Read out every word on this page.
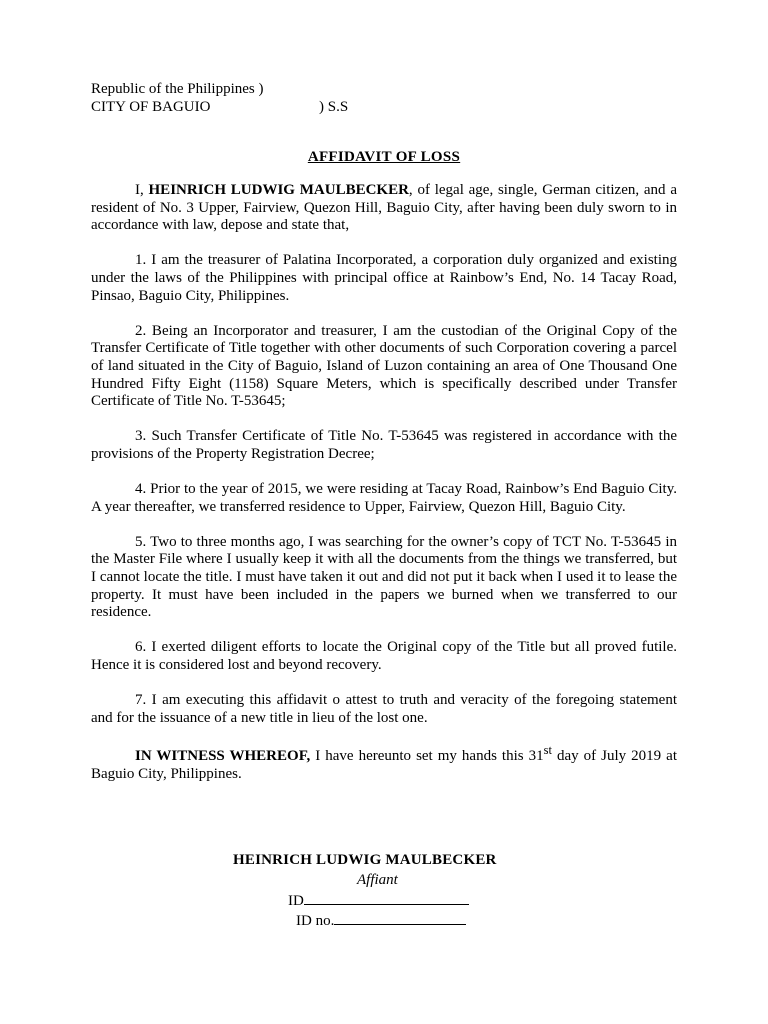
Republic of the Philippines )
CITY OF BAGUIO	) S.S
AFFIDAVIT OF LOSS

I, HEINRICH LUDWIG MAULBECKER, of legal age, single, German citizen, and a resident of No. 3 Upper, Fairview, Quezon Hill, Baguio City, after having been duly sworn to in accordance with law, depose and state that,

1. I am the treasurer of Palatina Incorporated, a corporation duly organized and existing under the laws of the Philippines with principal office at Rainbow’s End, No. 14 Tacay Road, Pinsao, Baguio City, Philippines.

2. Being an Incorporator and treasurer, I am the custodian of the Original Copy of the Transfer Certificate of Title together with other documents of such Corporation covering a parcel of land situated in the City of Baguio, Island of Luzon containing an area of One Thousand One Hundred Fifty Eight (1158) Square Meters, which is specifically described under Transfer Certificate of Title No. T-53645;

3. Such Transfer Certificate of Title No. T-53645 was registered in accordance with the provisions of the Property Registration Decree;

4. Prior to the year of 2015, we were residing at Tacay Road, Rainbow’s End Baguio City. A year thereafter, we transferred residence to Upper, Fairview, Quezon Hill, Baguio City.

5. Two to three months ago, I was searching for the owner’s copy of TCT No. T-53645 in the Master File where I usually keep it with all the documents from the things we transferred, but I cannot locate the title. I must have taken it out and did not put it back when I used it to lease the property. It must have been included in the papers we burned when we transferred to our residence.

6. I exerted diligent efforts to locate the Original copy of the Title but all proved futile. Hence it is considered lost and beyond recovery.

7. I am executing this affidavit o attest to truth and veracity of the foregoing statement and for the issuance of a new title in lieu of the lost one.

IN WITNESS WHEREOF, I have hereunto set my hands this 31st day of July 2019 at Baguio City, Philippines.

HEINRICH LUDWIG MAULBECKER
Affiant
ID
ID no.
